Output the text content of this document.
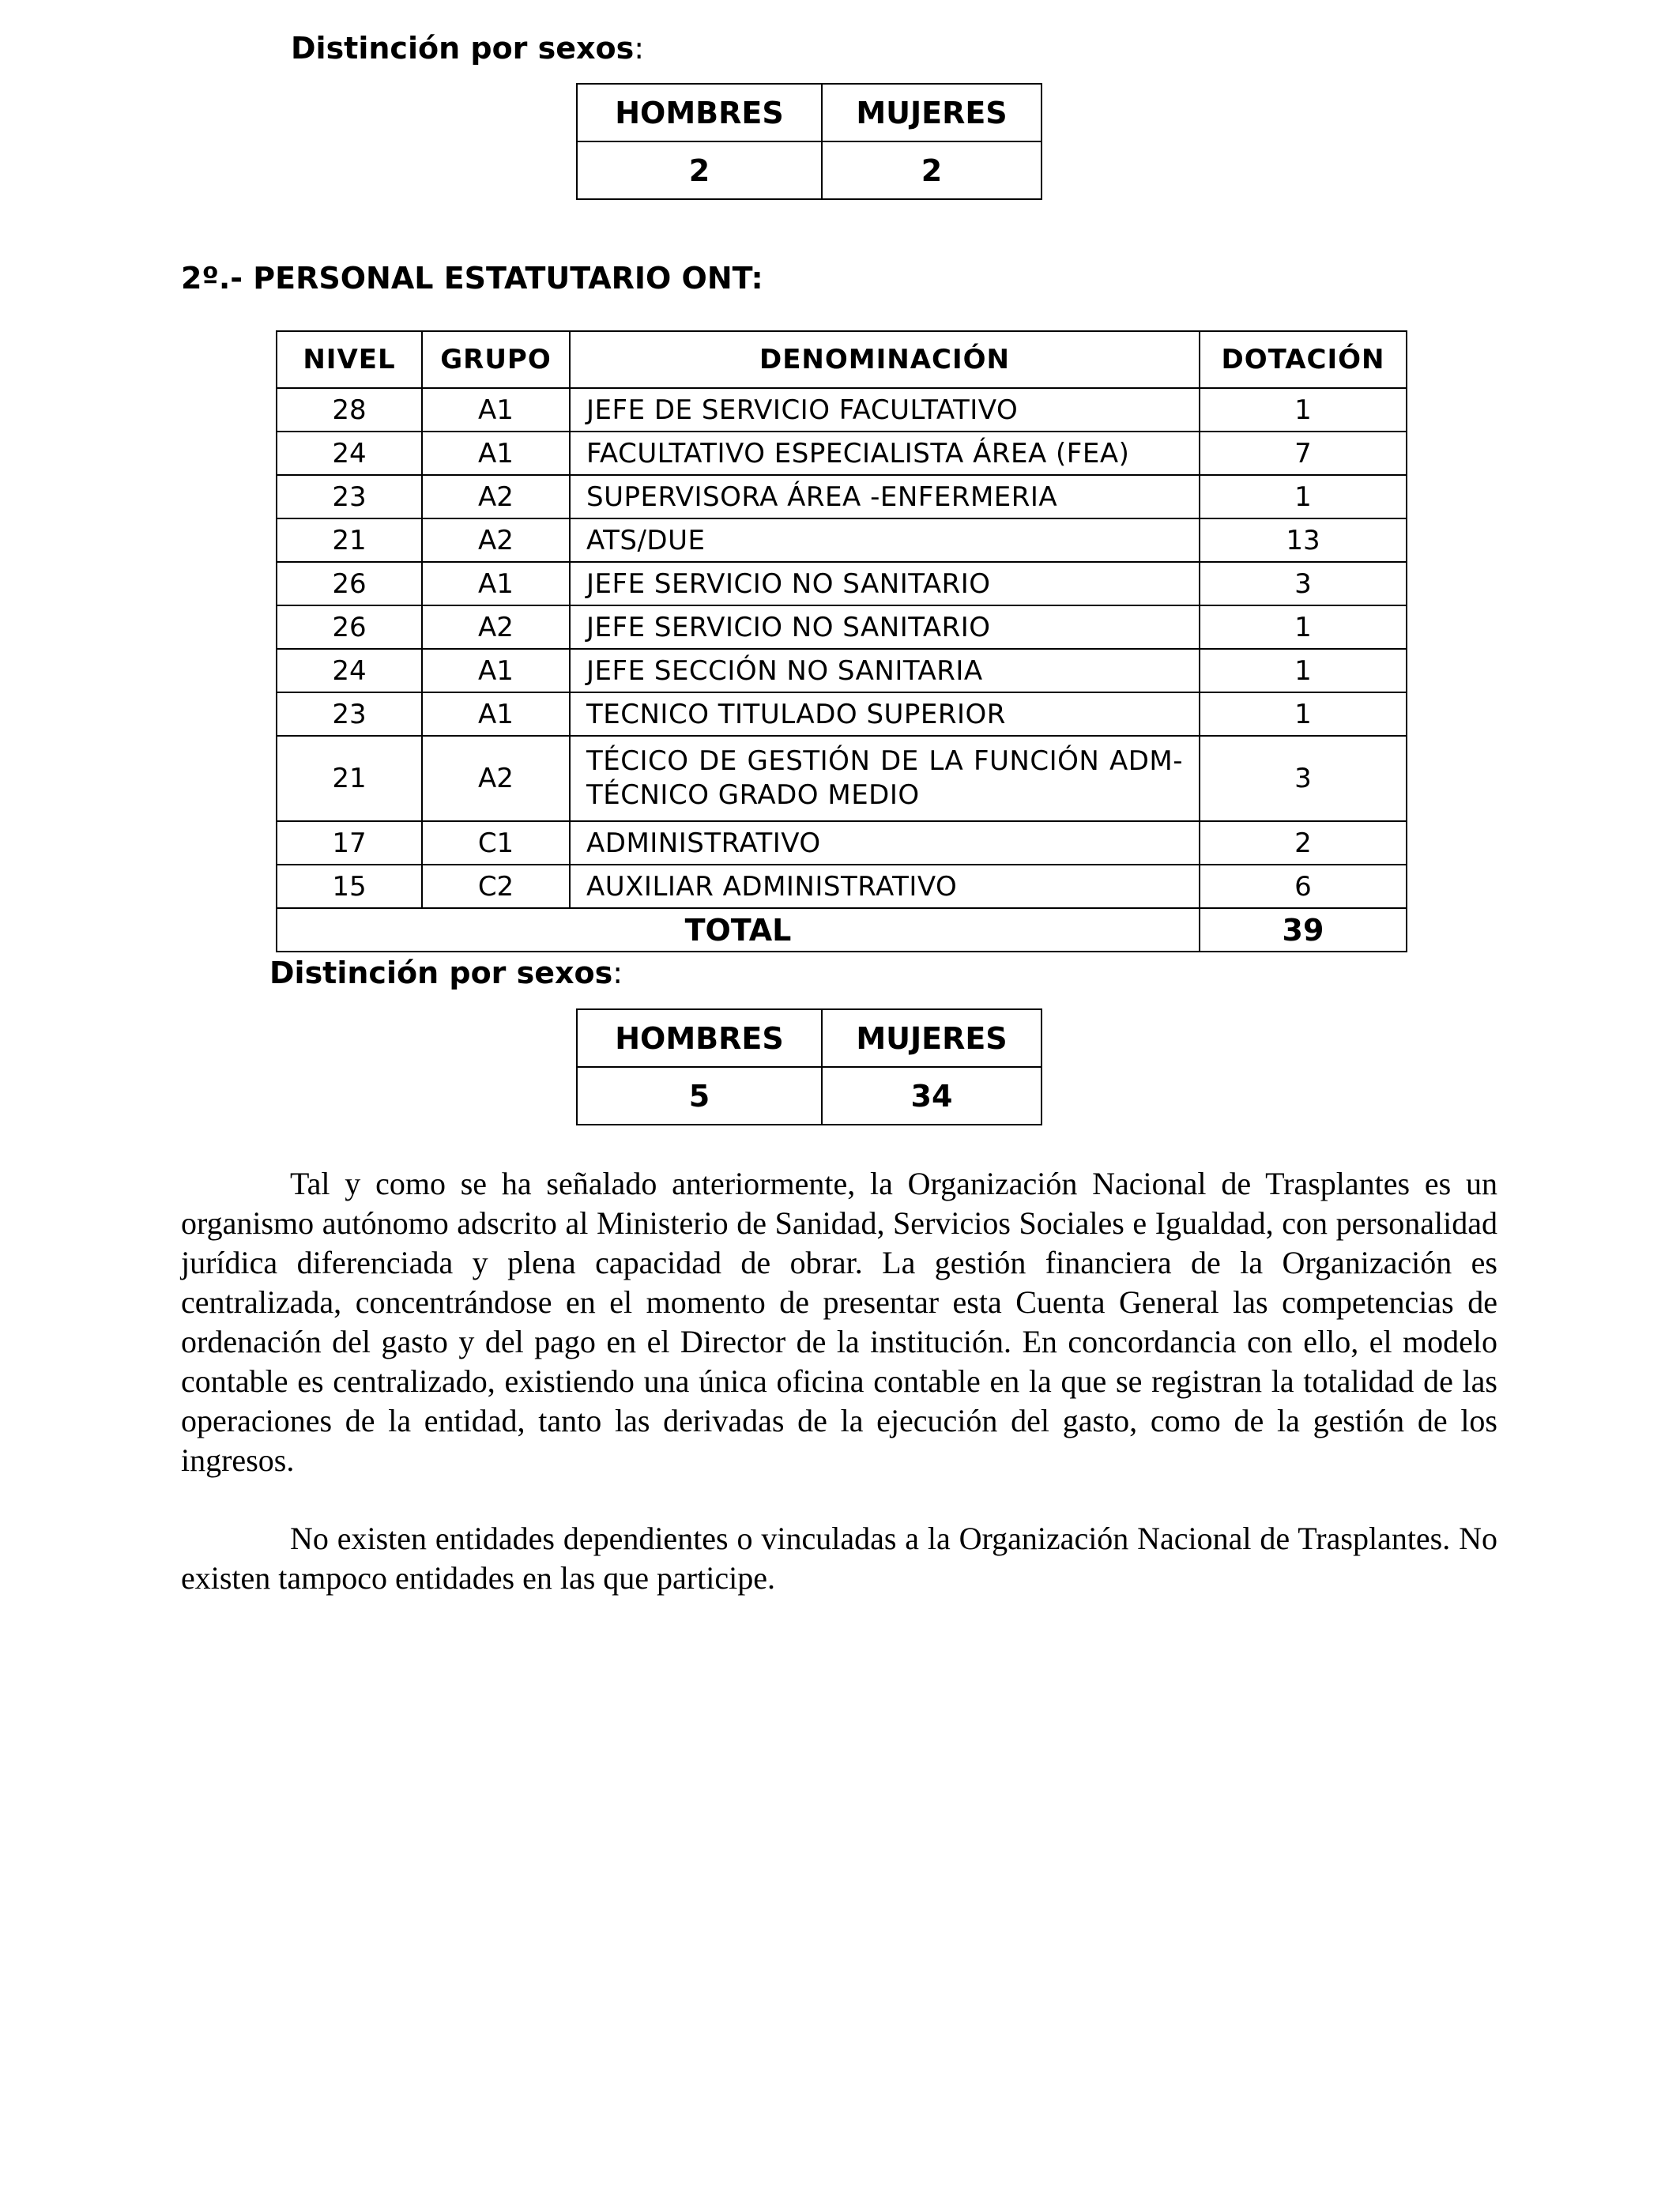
Distinción por sexos:
HOMBRES	MUJERES
2	2
2º.- PERSONAL ESTATUTARIO ONT:
NIVEL	GRUPO	DENOMINACIÓN	DOTACIÓN
28	A1	JEFE DE SERVICIO FACULTATIVO	1
24	A1	FACULTATIVO ESPECIALISTA ÁREA (FEA)	7
23	A2	SUPERVISORA ÁREA -ENFERMERIA	1
21	A2	ATS/DUE	13
26	A1	JEFE SERVICIO NO SANITARIO	3
26	A2	JEFE SERVICIO NO SANITARIO	1
24	A1	JEFE SECCIÓN NO SANITARIA	1
23	A1	TECNICO TITULADO SUPERIOR	1
21	A2	TÉCICO DE GESTIÓN DE LA FUNCIÓN ADM- TÉCNICO GRADO MEDIO	3
17	C1	ADMINISTRATIVO	2
15	C2	AUXILIAR ADMINISTRATIVO	6
TOTAL			39
Distinción por sexos:
HOMBRES	MUJERES
5	34

Tal y como se ha señalado anteriormente, la Organización Nacional de Trasplantes es un organismo autónomo adscrito al Ministerio de Sanidad, Servicios Sociales e Igualdad, con personalidad jurídica diferenciada y plena capacidad de obrar. La gestión financiera de la Organización es centralizada, concentrándose en el momento de presentar esta Cuenta General las competencias de ordenación del gasto y del pago en el Director de la institución. En concordancia con ello, el modelo contable es centralizado, existiendo una única oficina contable en la que se registran la totalidad de las operaciones de la entidad, tanto las derivadas de la ejecución del gasto, como de la gestión de los ingresos.

No existen entidades dependientes o vinculadas a la Organización Nacional de Trasplantes. No existen tampoco entidades en las que participe.
